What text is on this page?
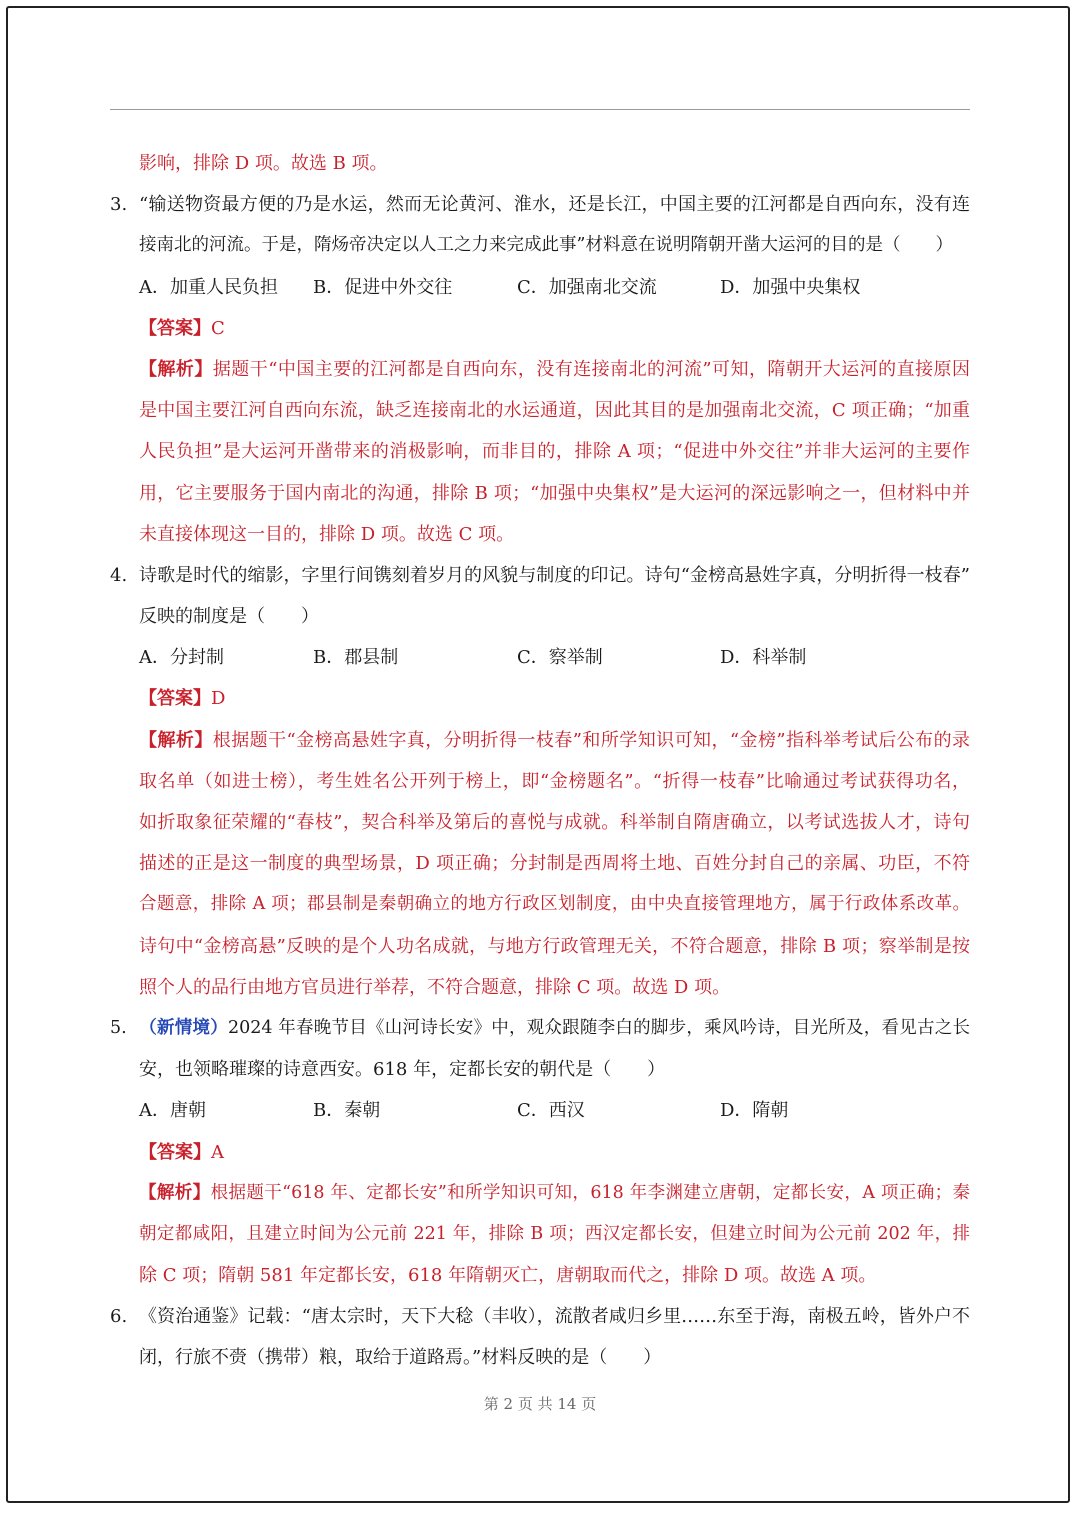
影响，排除 D 项。故选 B 项。
3. “输送物资最方便的乃是水运，然而无论黄河、淮水，还是长江，中国主要的江河都是自西向东，没有连
接南北的河流。于是，隋炀帝决定以人工之力来完成此事”材料意在说明隋朝开凿大运河的目的是（　　）
A．加重人民负担 B．促进中外交往	C．加强南北交流	D．加强中央集权
【答案】C
【解析】据题干“中国主要的江河都是自西向东，没有连接南北的河流”可知，隋朝开大运河的直接原因
是中国主要江河自西向东流，缺乏连接南北的水运通道，因此其目的是加强南北交流，C 项正确；“加重
人民负担”是大运河开凿带来的消极影响，而非目的，排除 A 项；“促进中外交往”并非大运河的主要作
用，它主要服务于国内南北的沟通，排除 B 项；“加强中央集权”是大运河的深远影响之一，但材料中并
未直接体现这一目的，排除 D 项。故选 C 项。
4. 诗歌是时代的缩影，字里行间镌刻着岁月的风貌与制度的印记。诗句“金榜高悬姓字真，分明折得一枝春”
反映的制度是（　　）
A．分封制	B．郡县制	C．察举制	D．科举制
【答案】D
【解析】根据题干“金榜高悬姓字真，分明折得一枝春”和所学知识可知，“金榜”指科举考试后公布的录
取名单（如进士榜），考生姓名公开列于榜上，即“金榜题名”。“折得一枝春”比喻通过考试获得功名，
如折取象征荣耀的“春枝”，契合科举及第后的喜悦与成就。科举制自隋唐确立，以考试选拔人才，诗句
描述的正是这一制度的典型场景，D 项正确；分封制是西周将土地、百姓分封自己的亲属、功臣，不符
合题意，排除 A 项；郡县制是秦朝确立的地方行政区划制度，由中央直接管理地方，属于行政体系改革。
诗句中“金榜高悬”反映的是个人功名成就，与地方行政管理无关，不符合题意，排除 B 项；察举制是按
照个人的品行由地方官员进行举荐，不符合题意，排除 C 项。故选 D 项。
5. （新情境）2024 年春晚节目《山河诗长安》中，观众跟随李白的脚步，乘风吟诗，目光所及，看见古之长
安，也领略璀璨的诗意西安。618 年，定都长安的朝代是（　　）
A．唐朝	B．秦朝	C．西汉	D．隋朝
【答案】A
【解析】根据题干“618 年、定都长安”和所学知识可知，618 年李渊建立唐朝，定都长安，A 项正确；秦
朝定都咸阳，且建立时间为公元前 221 年，排除 B 项；西汉定都长安，但建立时间为公元前 202 年，排
除 C 项；隋朝 581 年定都长安，618 年隋朝灭亡，唐朝取而代之，排除 D 项。故选 A 项。
6. 《资治通鉴》记载：“唐太宗时，天下大稔（丰收），流散者咸归乡里……东至于海，南极五岭，皆外户不
闭，行旅不赍（携带）粮，取给于道路焉。”材料反映的是（　　）
第 2 页 共 14 页
